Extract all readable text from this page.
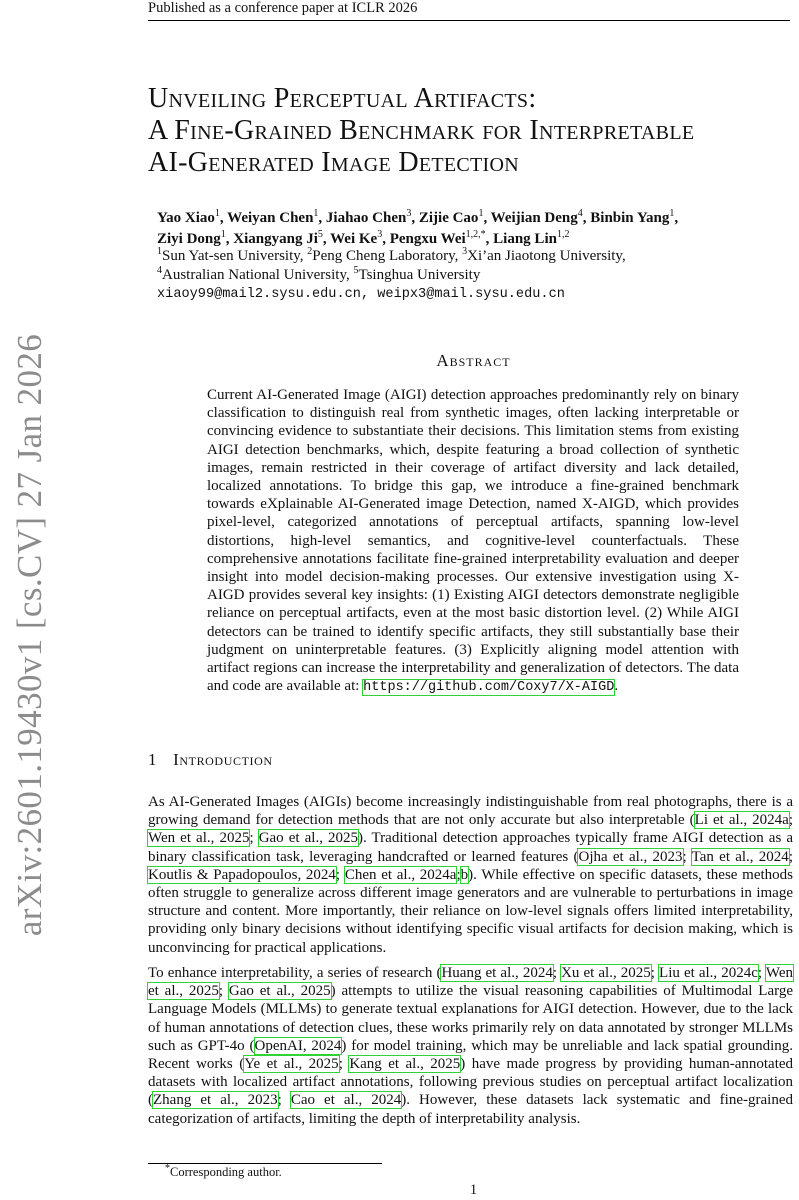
Published as a conference paper at ICLR 2026
arXiv:2601.19430v1 [cs.CV] 27 Jan 2026
Unveiling Perceptual Artifacts:
A Fine-Grained Benchmark for Interpretable
AI-Generated Image Detection
Yao Xiao$^1$, Weiyan Chen$^1$, Jiahao Chen$^3$, Zijie Cao$^1$, Weijian Deng$^4$, Binbin Yang$^1$,
Ziyi Dong$^1$, Xiangyang Ji$^5$, Wei Ke$^3$, Pengxu Wei$^{1,2,*}$, Liang Lin$^{1,2}$
$^1$Sun Yat-sen University, $^2$Peng Cheng Laboratory, $^3$Xi’an Jiaotong University,
$^4$Australian National University, $^5$Tsinghua University
xiaoy99@mail2.sysu.edu.cn, weipx3@mail.sysu.edu.cn
Abstract
Current AI-Generated Image (AIGI) detection approaches predominantly rely on binary classification to distinguish real from synthetic images, often lacking interpretable or convincing evidence to substantiate their decisions. This limitation stems from existing AIGI detection benchmarks, which, despite featuring a broad collection of synthetic images, remain restricted in their coverage of artifact diversity and lack detailed, localized annotations. To bridge this gap, we introduce a fine-grained benchmark towards eXplainable AI-Generated image Detection, named X-AIGD, which provides pixel-level, categorized annotations of perceptual artifacts, spanning low-level distortions, high-level semantics, and cognitive-level counterfactuals. These comprehensive annotations facilitate fine-grained interpretability evaluation and deeper insight into model decision-making processes. Our extensive investigation using X-AIGD provides several key insights: (1) Existing AIGI detectors demonstrate negligible reliance on perceptual artifacts, even at the most basic distortion level. (2) While AIGI detectors can be trained to identify specific artifacts, they still substantially base their judgment on uninterpretable features. (3) Explicitly aligning model attention with artifact regions can increase the interpretability and generalization of detectors. The data and code are available at: https://github.com/Coxy7/X-AIGD.
1 Introduction
As AI-Generated Images (AIGIs) become increasingly indistinguishable from real photographs, there is a growing demand for detection methods that are not only accurate but also interpretable (Li et al., 2024a; Wen et al., 2025; Gao et al., 2025). Traditional detection approaches typically frame AIGI detection as a binary classification task, leveraging handcrafted or learned features (Ojha et al., 2023; Tan et al., 2024; Koutlis & Papadopoulos, 2024; Chen et al., 2024a;b). While effective on specific datasets, these methods often struggle to generalize across different image generators and are vulnerable to perturbations in image structure and content. More importantly, their reliance on low-level signals offers limited interpretability, providing only binary decisions without identifying specific visual artifacts for decision making, which is unconvincing for practical applications.
To enhance interpretability, a series of research (Huang et al., 2024; Xu et al., 2025; Liu et al., 2024c; Wen et al., 2025; Gao et al., 2025) attempts to utilize the visual reasoning capabilities of Multimodal Large Language Models (MLLMs) to generate textual explanations for AIGI detection. However, due to the lack of human annotations of detection clues, these works primarily rely on data annotated by stronger MLLMs such as GPT-4o (OpenAI, 2024) for model training, which may be unreliable and lack spatial grounding. Recent works (Ye et al., 2025; Kang et al., 2025) have made progress by providing human-annotated datasets with localized artifact annotations, following previous studies on perceptual artifact localization (Zhang et al., 2023; Cao et al., 2024). However, these datasets lack systematic and fine-grained categorization of artifacts, limiting the depth of interpretability analysis.
*Corresponding author.
1
